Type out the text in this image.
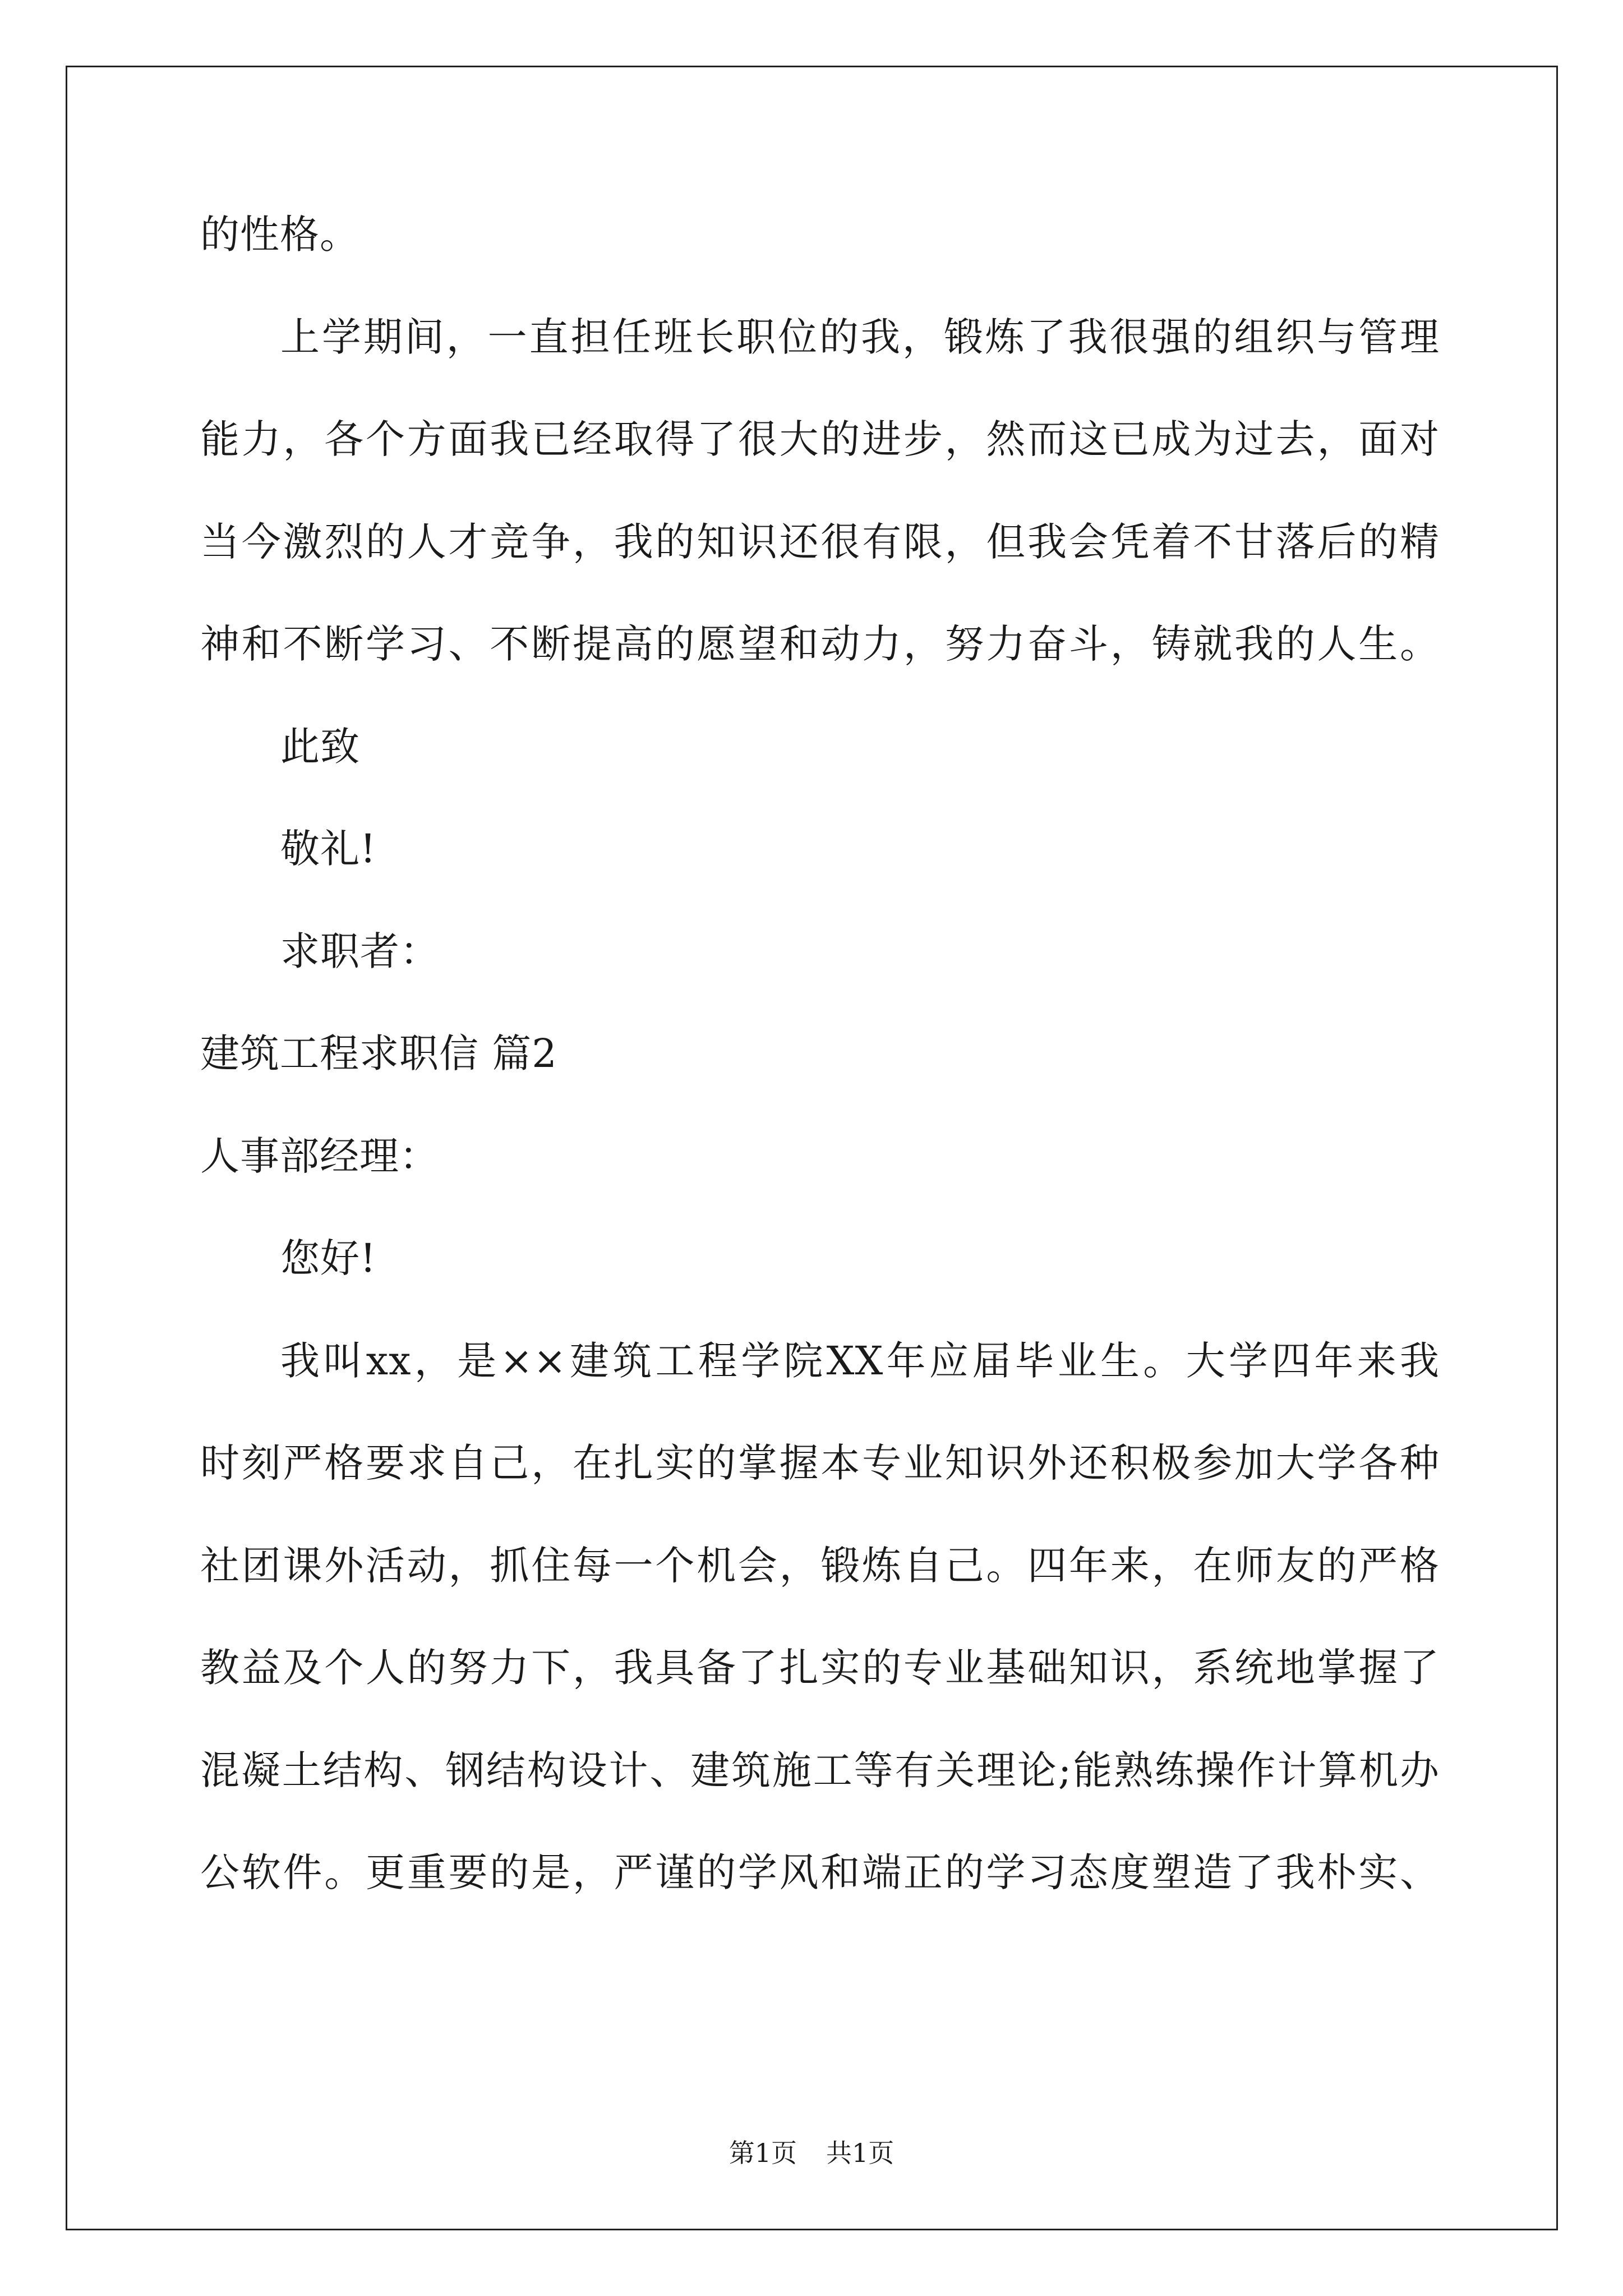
的性格。
上学期间，一直担任班长职位的我，锻炼了我很强的组织与管理
能力，各个方面我已经取得了很大的进步，然而这已成为过去，面对
当今激烈的人才竞争，我的知识还很有限，但我会凭着不甘落后的精
神和不断学习、不断提高的愿望和动力，努力奋斗，铸就我的人生。
此致
敬礼!
求职者：
建筑工程求职信 篇2
人事部经理：
您好!
我叫xx，是××建筑工程学院XX年应届毕业生。大学四年来我
时刻严格要求自己，在扎实的掌握本专业知识外还积极参加大学各种
社团课外活动，抓住每一个机会，锻炼自己。四年来，在师友的严格
教益及个人的努力下，我具备了扎实的专业基础知识，系统地掌握了
混凝土结构、钢结构设计、建筑施工等有关理论;能熟练操作计算机办
公软件。更重要的是，严谨的学风和端正的学习态度塑造了我朴实、
第1页 共1页
